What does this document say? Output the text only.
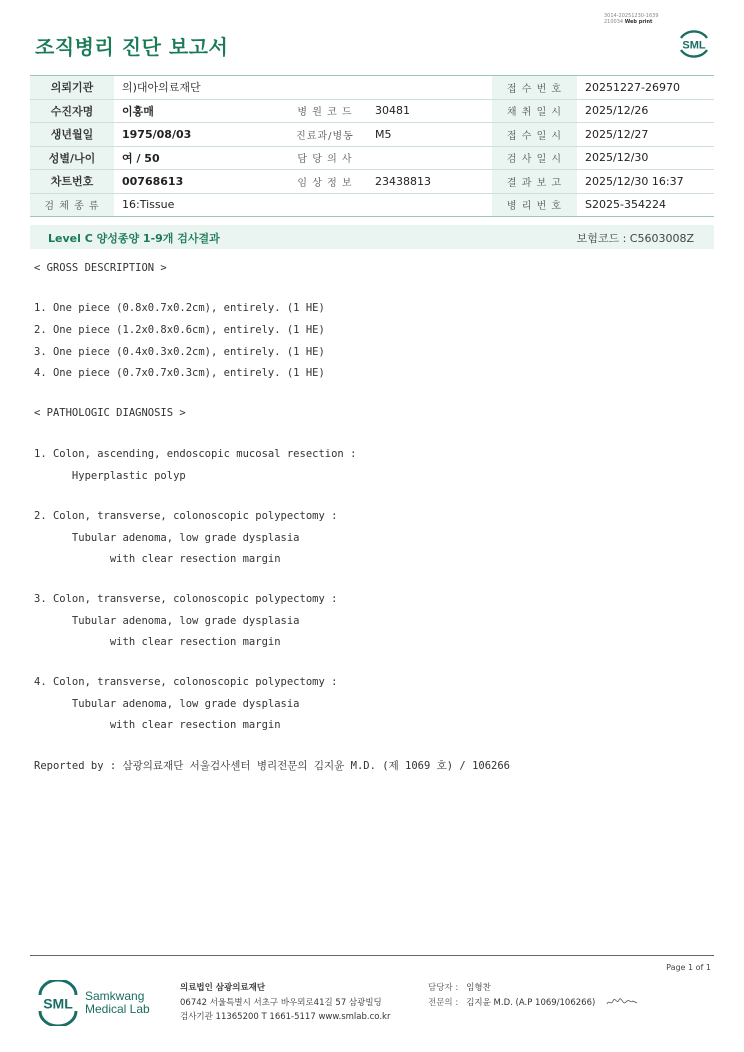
3014-20251230-1639
210034 Web print
조직병리 진단 보고서	SML
의뢰기관	의)대아의료재단			접 수 번 호	20251227-26970
수진자명	이홍매	병 원 코 드	30481	채 취 일 시	2025/12/26
생년월일	1975/08/03	진료과/병동	M5	접 수 일 시	2025/12/27
성별/나이	여 / 50	담 당 의 사		검 사 일 시	2025/12/30
차트번호	00768613	임 상 정 보	23438813	결 과 보 고	2025/12/30 16:37
검 체 종 류	16:Tissue			병 리 번 호	S2025-354224
Level C 양성종양 1-9개 검사결과	보험코드 : C5603008Z
< GROSS DESCRIPTION >
1. One piece (0.8x0.7x0.2cm), entirely. (1 HE)
2. One piece (1.2x0.8x0.6cm), entirely. (1 HE)
3. One piece (0.4x0.3x0.2cm), entirely. (1 HE)
4. One piece (0.7x0.7x0.3cm), entirely. (1 HE)
< PATHOLOGIC DIAGNOSIS >
1. Colon, ascending, endoscopic mucosal resection :
Hyperplastic polyp
2. Colon, transverse, colonoscopic polypectomy :
Tubular adenoma, low grade dysplasia
with clear resection margin
3. Colon, transverse, colonoscopic polypectomy :
Tubular adenoma, low grade dysplasia
with clear resection margin
4. Colon, transverse, colonoscopic polypectomy :
Tubular adenoma, low grade dysplasia
with clear resection margin
Reported by : 삼광의료재단 서울검사센터 병리전문의 김지윤 M.D. (제 1069 호) / 106266
Page 1 of 1
SML Samkwang
Medical Lab
의료법인 삼광의료재단
06742 서울특별시 서초구 바우뫼로41길 57 삼광빌딩
검사기관 11365200 T 1661-5117 www.smlab.co.kr
담당자 : 임형찬
전문의 : 김지윤 M.D. (A.P 1069/106266)
